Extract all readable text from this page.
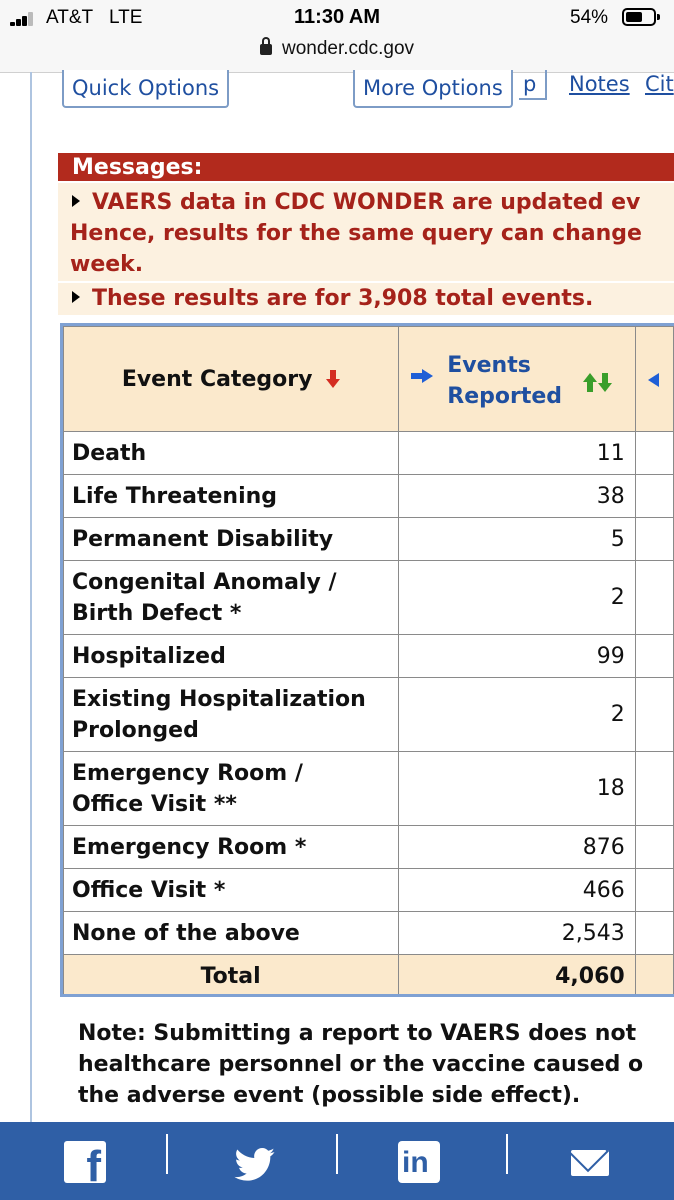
AT&T LTE	11:30 AM	54%
wonder.cdc.gov
Quick Options	More Options p	Notes Cit
Messages:
VAERS data in CDC WONDER are updated ev
Hence, results for the same query can change
week.
These results are for 3,908 total events.
Event Category	Events
Reported	

Death	11	
Life Threatening	38	
Permanent Disability	5	

Congenital Anomaly /
Birth Defect *	2	
Hospitalized	99	

Existing Hospitalization
Prolonged	2	

Emergency Room /
Office Visit **	18	
Emergency Room *	876	
Office Visit *	466	
None of the above	2,543	
Total	4,060	
Note: Submitting a report to VAERS does not
healthcare personnel or the vaccine caused o
the adverse event (possible side effect).
f	in
